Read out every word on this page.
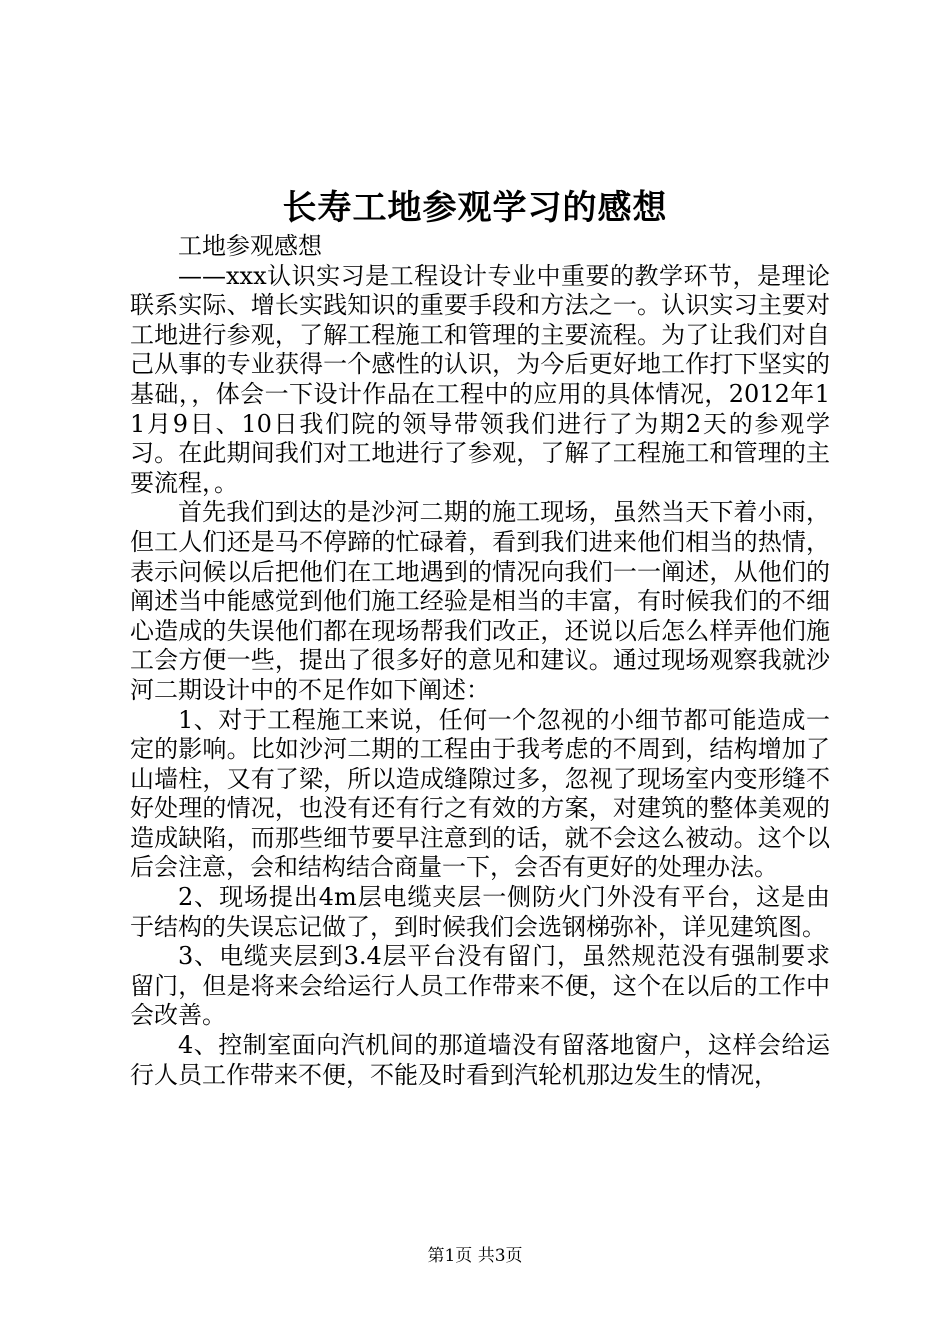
长寿工地参观学习的感想

工地参观感想

——xxx认识实习是工程设计专业中重要的教学环节，是理论联系实际、增长实践知识的重要手段和方法之一。认识实习主要对工地进行参观，了解工程施工和管理的主要流程。为了让我们对自己从事的专业获得一个感性的认识，为今后更好地工作打下坚实的基础，，体会一下设计作品在工程中的应用的具体情况，2012年11月9日、10日我们院的领导带领我们进行了为期2天的参观学习。在此期间我们对工地进行了参观，了解了工程施工和管理的主要流程，。

首先我们到达的是沙河二期的施工现场，虽然当天下着小雨，但工人们还是马不停蹄的忙碌着，看到我们进来他们相当的热情，表示问候以后把他们在工地遇到的情况向我们一一阐述，从他们的阐述当中能感觉到他们施工经验是相当的丰富，有时候我们的不细心造成的失误他们都在现场帮我们改正，还说以后怎么样弄他们施工会方便一些，提出了很多好的意见和建议。通过现场观察我就沙河二期设计中的不足作如下阐述：

1、对于工程施工来说，任何一个忽视的小细节都可能造成一定的影响。比如沙河二期的工程由于我考虑的不周到，结构增加了山墙柱，又有了梁，所以造成缝隙过多，忽视了现场室内变形缝不好处理的情况，也没有还有行之有效的方案，对建筑的整体美观的造成缺陷，而那些细节要早注意到的话，就不会这么被动。这个以后会注意，会和结构结合商量一下，会否有更好的处理办法。

2、现场提出4m层电缆夹层一侧防火门外没有平台，这是由于结构的失误忘记做了，到时候我们会选钢梯弥补，详见建筑图。

3、电缆夹层到3.4层平台没有留门，虽然规范没有强制要求留门，但是将来会给运行人员工作带来不便，这个在以后的工作中会改善。

4、控制室面向汽机间的那道墙没有留落地窗户，这样会给运行人员工作带来不便，不能及时看到汽轮机那边发生的情况，

第1页 共3页
